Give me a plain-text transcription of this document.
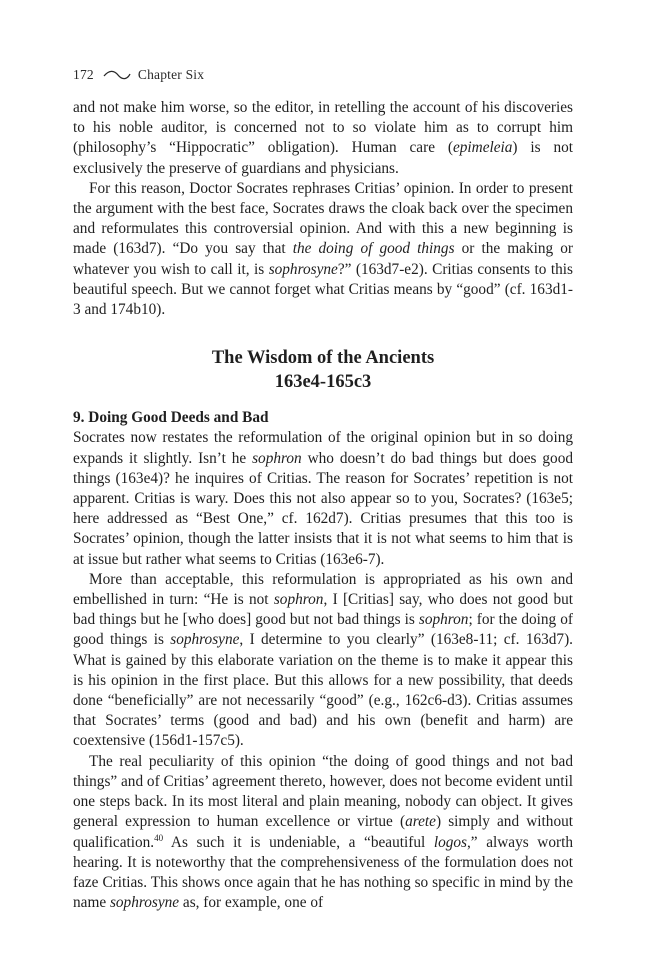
172	Chapter Six

and not make him worse, so the editor, in retelling the account of his discoveries to his noble auditor, is concerned not to so violate him as to corrupt him (philosophy’s “Hippocratic” obligation). Human care (epimeleia) is not exclusively the preserve of guardians and physicians.

For this reason, Doctor Socrates rephrases Critias’ opinion. In order to present the argument with the best face, Socrates draws the cloak back over the specimen and reformulates this controversial opinion. And with this a new beginning is made (163d7). “Do you say that the doing of good things or the making or whatever you wish to call it, is sophrosyne?” (163d7-e2). Critias consents to this beautiful speech. But we cannot forget what Critias means by “good” (cf. 163d1-3 and 174b10).

The Wisdom of the Ancients
163e4-165c3

9. Doing Good Deeds and Bad

Socrates now restates the reformulation of the original opinion but in so doing expands it slightly. Isn’t he sophron who doesn’t do bad things but does good things (163e4)? he inquires of Critias. The reason for Socrates’ repetition is not apparent. Critias is wary. Does this not also appear so to you, Socrates? (163e5; here addressed as “Best One,” cf. 162d7). Critias presumes that this too is Socrates’ opinion, though the latter insists that it is not what seems to him that is at issue but rather what seems to Critias (163e6-7).

More than acceptable, this reformulation is appropriated as his own and embellished in turn: “He is not sophron, I [Critias] say, who does not good but bad things but he [who does] good but not bad things is sophron; for the doing of good things is sophrosyne, I determine to you clearly” (163e8-11; cf. 163d7). What is gained by this elaborate variation on the theme is to make it appear this is his opinion in the first place. But this allows for a new possibility, that deeds done “beneficially” are not necessarily “good” (e.g., 162c6-d3). Critias assumes that Socrates’ terms (good and bad) and his own (benefit and harm) are coextensive (156d1-157c5).

The real peculiarity of this opinion “the doing of good things and not bad things” and of Critias’ agreement thereto, however, does not become evident until one steps back. In its most literal and plain meaning, nobody can object. It gives general expression to human excellence or virtue (arete) simply and without qualification.$^{40}$ As such it is undeniable, a “beautiful logos,” always worth hearing. It is noteworthy that the comprehensiveness of the formulation does not faze Critias. This shows once again that he has nothing so specific in mind by the name sophrosyne as, for example, one of
